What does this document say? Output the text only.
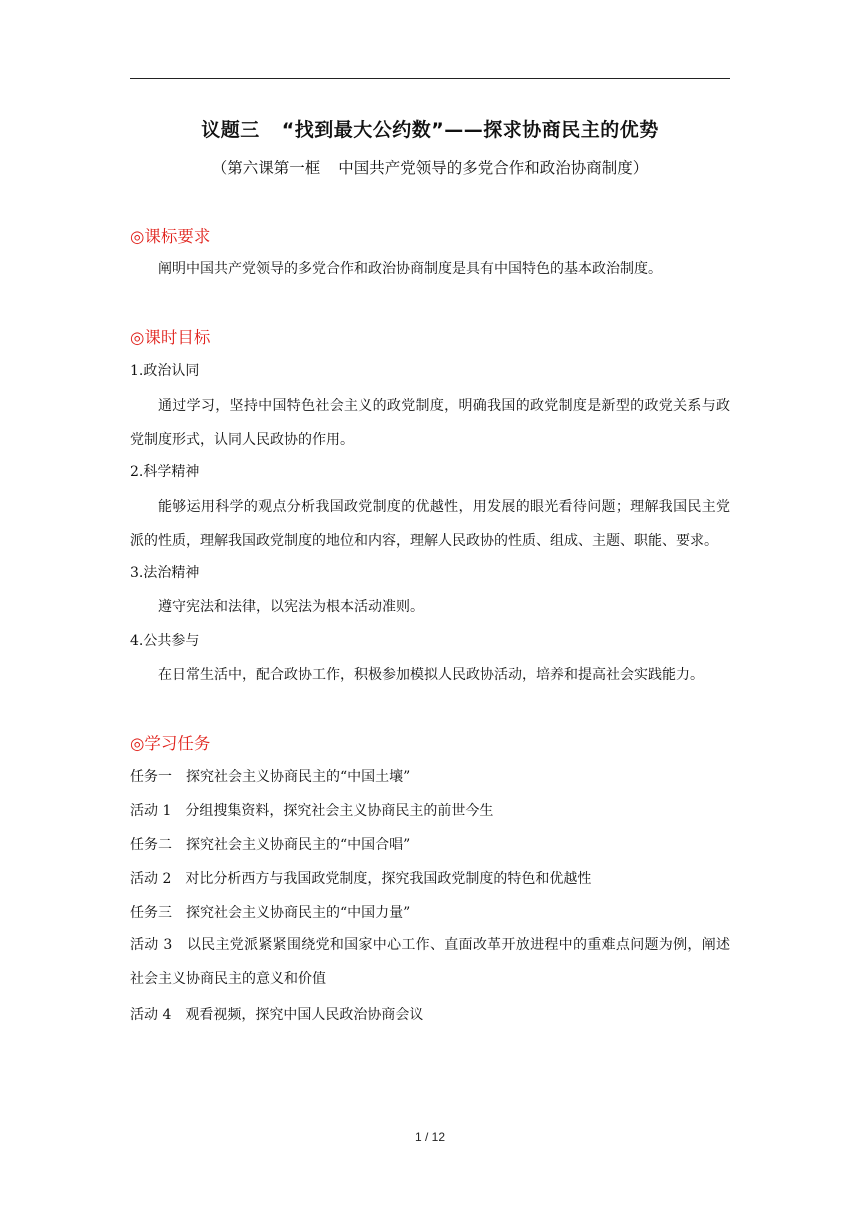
议题三 “找到最大公约数”——探求协商民主的优势
（第六课第一框 中国共产党领导的多党合作和政治协商制度）
◎课标要求
阐明中国共产党领导的多党合作和政治协商制度是具有中国特色的基本政治制度。
◎课时目标
1.政治认同
通过学习，坚持中国特色社会主义的政党制度，明确我国的政党制度是新型的政党关系与政党制度形式，认同人民政协的作用。
2.科学精神
能够运用科学的观点分析我国政党制度的优越性，用发展的眼光看待问题；理解我国民主党派的性质，理解我国政党制度的地位和内容，理解人民政协的性质、组成、主题、职能、要求。
3.法治精神
遵守宪法和法律，以宪法为根本活动准则。
4.公共参与
在日常生活中，配合政协工作，积极参加模拟人民政协活动，培养和提高社会实践能力。
◎学习任务
任务一　探究社会主义协商民主的“中国土壤”
活动 1　分组搜集资料，探究社会主义协商民主的前世今生
任务二　探究社会主义协商民主的“中国合唱”
活动 2　对比分析西方与我国政党制度，探究我国政党制度的特色和优越性
任务三　探究社会主义协商民主的“中国力量”
活动 3　以民主党派紧紧围绕党和国家中心工作、直面改革开放进程中的重难点问题为例，阐述社会主义协商民主的意义和价值
活动 4　观看视频，探究中国人民政治协商会议
1 / 12
